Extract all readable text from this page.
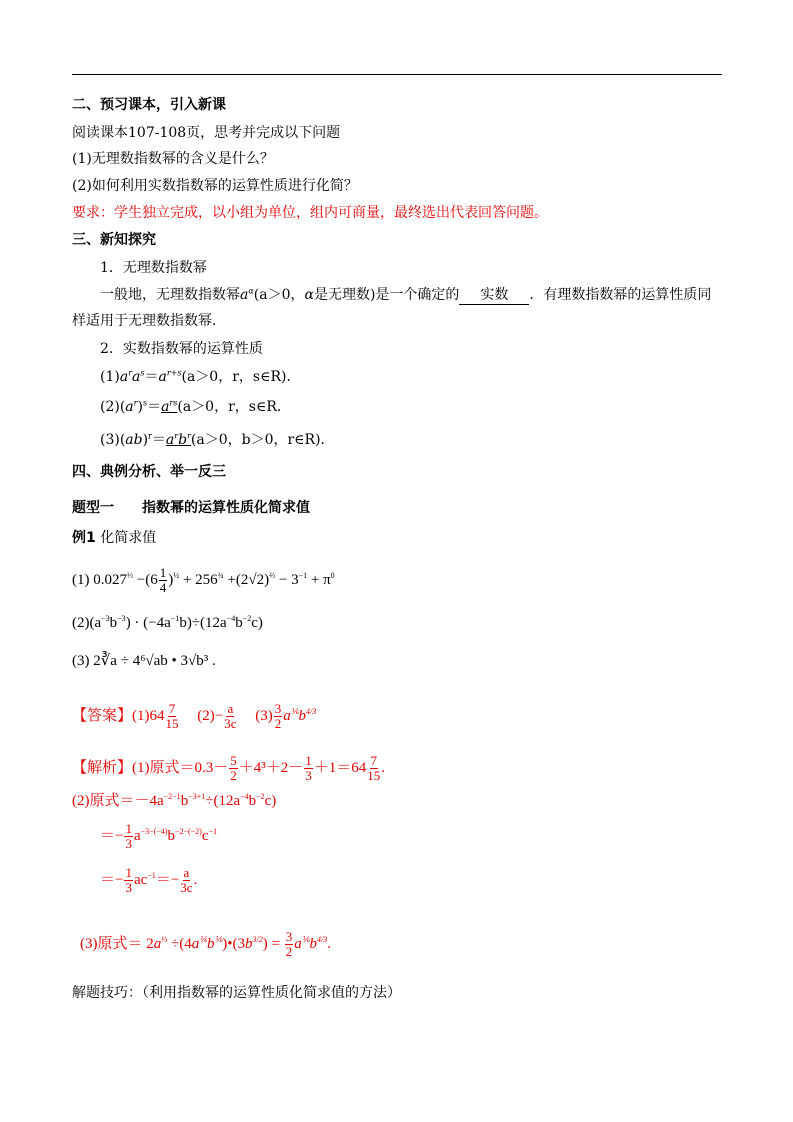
二、预习课本，引入新课
阅读课本107-108页，思考并完成以下问题
(1)无理数指数幂的含义是什么？
(2)如何利用实数指数幂的运算性质进行化简？
要求：学生独立完成，以小组为单位，组内可商量，最终选出代表回答问题。
三、新知探究
1．无理数指数幂
一般地，无理数指数幂$a^\alpha(a>0$，α是无理数)是一个确定的 实数 ．有理数指数幂的运算性质同
样适用于无理数指数幂．
2．实数指数幂的运算性质
$(1)a^ra^s=a^{r+s}(a>0$，r，s∈R)．
$(2)(a^r)^s=a^{rs}(a>0$，r，s∈R．
$(3)(ab)^r=a^rb^r(a>0$，b＞0，r∈R)．
四、典例分析、举一反三
题型一 指数幂的运算性质化简求值
例1 化简求值
(1) $0.027^{\frac{1}{3}} -(6 \frac{1}{4} )^{\frac{1}{2}} + 256^{\frac{3}{4}} +(2√2)^{\frac{2}{3}} - 3^{-1} + \pi^0$
$(2)(a^{-3}b^{-3}) \cdot (-4a^{-1}b)\div(12a^{-4}b^{-2}c)$
(3) 2∛a ÷ 4⁶√ab • 3√b³ .
【答案】$(1)64 \frac{7}{15} (2)- \frac{a}{3c} (3) \frac{3}{2} a^{\frac{1}{6}}b^{4/3}$
【解析】(1)原式$=0.3- \frac{5}{2} +4^3+2- \frac{1}{3} +1=64 \frac{7}{15}$ .
(2)原式$=-4a^{-2-1}b^{-3+1}\div(12a^{-4}b^{-2}c)$
＝− $\frac{1}{3} a^{-3-(-4)}b^{-2-(-2)}c^{-1}$
＝− $\frac{1}{3} ac^{-1}=- \frac{a}{3c}$ .
(3)原式＝ $2a^{\frac{1}{3}}$ $\div(4a^{\frac{1}{6}}b^{\frac{1}{6}})•(3b^{3/2}) = \frac{3}{2} a^{\frac{1}{6}}b^{4/3}$.
解题技巧：（利用指数幂的运算性质化简求值的方法）
